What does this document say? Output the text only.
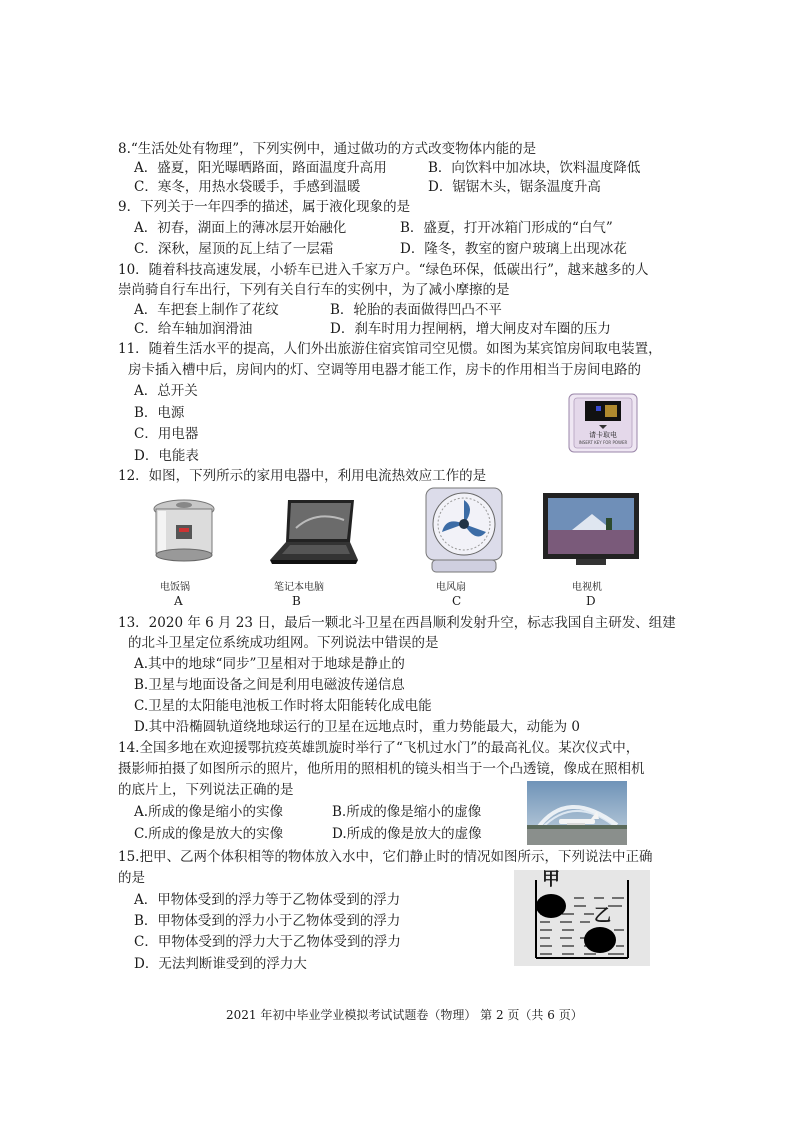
8.“生活处处有物理”，下列实例中，通过做功的方式改变物体内能的是
A．盛夏，阳光曝晒路面，路面温度升高用	B．向饮料中加冰块，饮料温度降低
C．寒冬，用热水袋暖手，手感到温暖	D．锯锯木头，锯条温度升高
9．下列关于一年四季的描述，属于液化现象的是
A．初春，湖面上的薄冰层开始融化	B．盛夏，打开冰箱门形成的“白气”
C．深秋，屋顶的瓦上结了一层霜	D．隆冬，教室的窗户玻璃上出现冰花
10．随着科技高速发展，小轿车已进入千家万户。“绿色环保，低碳出行”，越来越多的人
崇尚骑自行车出行，下列有关自行车的实例中，为了减小摩擦的是
A．车把套上制作了花纹	B．轮胎的表面做得凹凸不平
C．给车轴加润滑油	D．刹车时用力捏闸柄，增大闸皮对车圈的压力
11．随着生活水平的提高，人们外出旅游住宿宾馆司空见惯。如图为某宾馆房间取电装置，
房卡插入槽中后，房间内的灯、空调等用电器才能工作，房卡的作用相当于房间电路的
A．总开关
B．电源
C．用电器
D．电能表
请卡取电
INSERT KEY FOR POWER
12．如图，下列所示的家用电器中，利用电流热效应工作的是
电饭锅
A
笔记本电脑
B
电风扇
C
电视机
D
13．2020 年 6 月 23 日，最后一颗北斗卫星在西昌顺利发射升空，标志我国自主研发、组建
的北斗卫星定位系统成功组网。下列说法中错误的是
A.其中的地球“同步”卫星相对于地球是静止的
B.卫星与地面设备之间是利用电磁波传递信息
C.卫星的太阳能电池板工作时将太阳能转化成电能
D.其中沿椭圆轨道绕地球运行的卫星在远地点时，重力势能最大，动能为 0
14.全国多地在欢迎援鄂抗疫英雄凯旋时举行了“飞机过水门”的最高礼仪。某次仪式中，
摄影师拍摄了如图所示的照片，他所用的照相机的镜头相当于一个凸透镜，像成在照相机
的底片上，下列说法正确的是
A.所成的像是缩小的实像	B.所成的像是缩小的虚像
C.所成的像是放大的实像	D.所成的像是放大的虚像
15.把甲、乙两个体积相等的物体放入水中，它们静止时的情况如图所示，下列说法中正确
的是
A．甲物体受到的浮力等于乙物体受到的浮力
B．甲物体受到的浮力小于乙物体受到的浮力
C．甲物体受到的浮力大于乙物体受到的浮力
D．无法判断谁受到的浮力大
甲
乙
2021 年初中毕业学业模拟考试试题卷（物理） 第 2 页（共 6 页）
